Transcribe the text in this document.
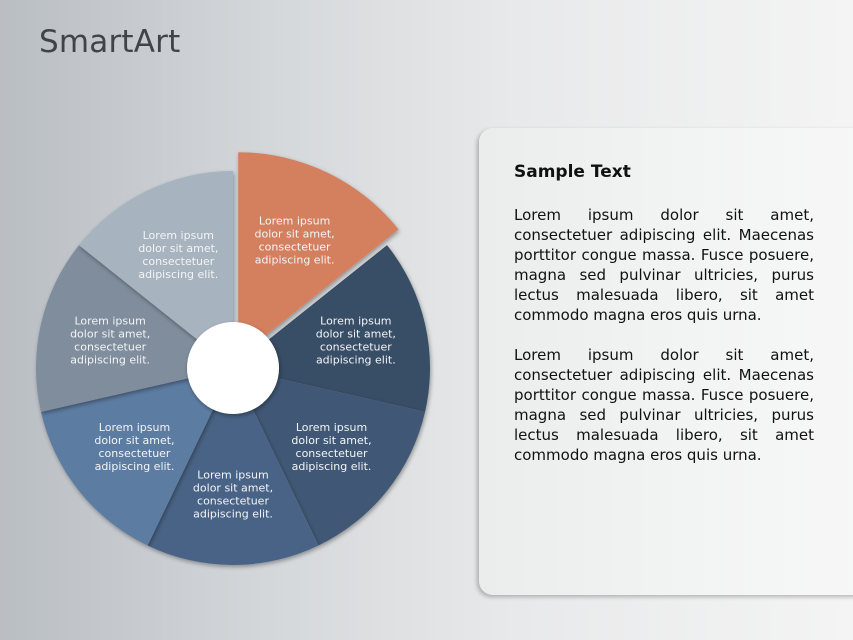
SmartArt
Lorem ipsum dolor sit amet, consectetuer adipiscing elit.
Lorem ipsum dolor sit amet, consectetuer adipiscing elit.
Lorem ipsum dolor sit amet, consectetuer adipiscing elit.
Lorem ipsum dolor sit amet, consectetuer adipiscing elit.
Lorem ipsum dolor sit amet, consectetuer adipiscing elit.
Lorem ipsum dolor sit amet, consectetuer adipiscing elit.
Lorem ipsum dolor sit amet, consectetuer adipiscing elit.
Sample Text

Lorem ipsum dolor sit amet, consectetuer adipiscing elit. Maecenas porttitor congue massa. Fusce posuere, magna sed pulvinar ultricies, purus lectus malesuada libero, sit amet commodo magna eros quis urna.

Lorem ipsum dolor sit amet, consectetuer adipiscing elit. Maecenas porttitor congue massa. Fusce posuere, magna sed pulvinar ultricies, purus lectus malesuada libero, sit amet commodo magna eros quis urna.
